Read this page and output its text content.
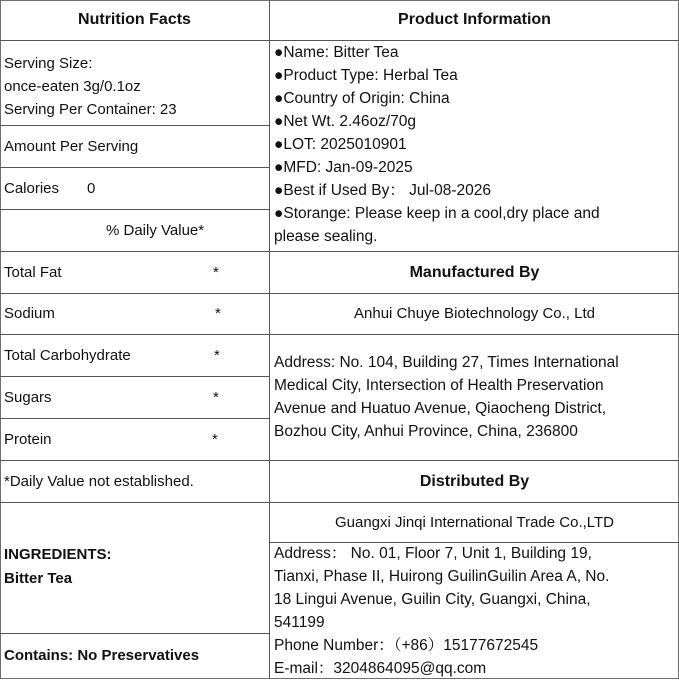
Nutrition Facts
Serving Size:
once-eaten 3g/0.1oz
Serving Per Container: 23
Amount Per Serving
Calories 0
% Daily Value*
Total Fat	*
Sodium	*
Total Carbohydrate	*
Sugars	*
Protein	*
*Daily Value not established.
INGREDIENTS:
Bitter Tea
Contains: No Preservatives
Product Information
●Name: Bitter Tea
●Product Type: Herbal Tea
●Country of Origin: China
●Net Wt. 2.46oz/70g
●LOT: 2025010901
●MFD: Jan-09-2025
●Best if Used By： Jul-08-2026
●Storange: Please keep in a cool,dry place and
please sealing.
Manufactured By
Anhui Chuye Biotechnology Co., Ltd
Address: No. 104, Building 27, Times International
Medical City, Intersection of Health Preservation
Avenue and Huatuo Avenue, Qiaocheng District,
Bozhou City, Anhui Province, China, 236800
Distributed By
Guangxi Jinqi International Trade Co.,LTD
Address： No. 01, Floor 7, Unit 1, Building 19,
Tianxi, Phase II, Huirong GuilinGuilin Area A, No.
18 Lingui Avenue, Guilin City, Guangxi, China,
541199
Phone Number：（+86）15177672545
E-mail：3204864095@qq.com
